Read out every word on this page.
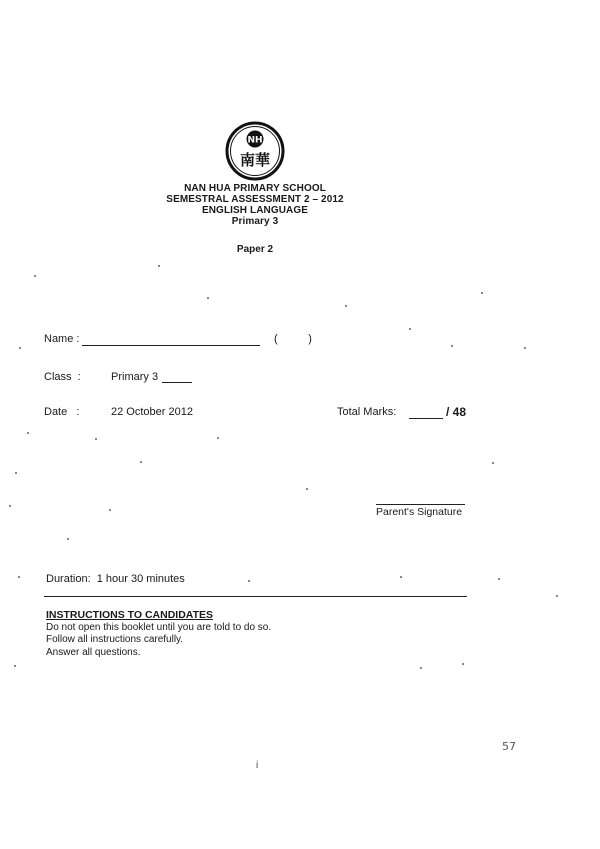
NH
南華
NAN HUA PRIMARY SCHOOL
SEMESTRAL ASSESSMENT 2 – 2012
ENGLISH LANGUAGE
Primary 3
Paper 2
Name :	(          )
Class  :	Primary 3
Date   :	22 October 2012	Total Marks:	/ 48
Parent's Signature
Duration:  1 hour 30 minutes
INSTRUCTIONS TO CANDIDATES
Do not open this booklet until you are told to do so.
Follow all instructions carefully.
Answer all questions.
i
57
